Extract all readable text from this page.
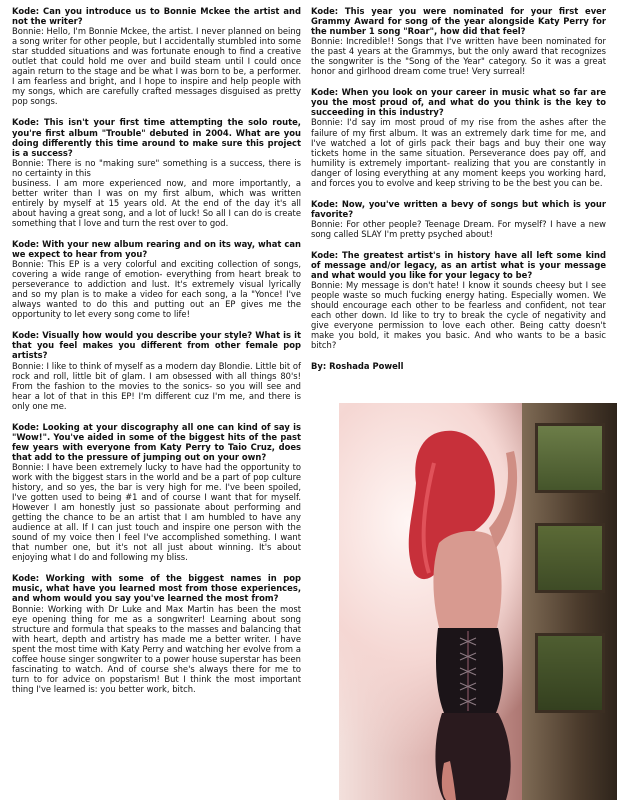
Kode: Can you introduce us to Bonnie Mckee the artist and not the writer?
Bonnie: Hello, I'm Bonnie Mckee, the artist. I never planned on being a song writer for other people, but I accidentally stumbled into some star studded situations and was fortunate enough to find a creative outlet that could hold me over and build steam until I could once again return to the stage and be what I was born to be, a performer. I am fearless and bright, and I hope to inspire and help people with my songs, which are carefully crafted messages disguised as pretty pop songs.
Kode: This isn't your first time attempting the solo route, you're first album "Trouble" debuted in 2004. What are you doing differently this time around to make sure this project is a success?
Bonnie: There is no "making sure" something is a success, there is no certainty in this
business. I am more experienced now, and more importantly, a better writer than I was on my first album, which was written entirely by myself at 15 years old. At the end of the day it's all about having a great song, and a lot of luck! So all I can do is create something that I love and turn the rest over to god.
Kode: With your new album rearing and on its way, what can we expect to hear from you?
Bonnie: This EP is a very colorful and exciting collection of songs, covering a wide range of emotion- everything from heart break to perseverance to addiction and lust. It's extremely visual lyrically and so my plan is to make a video for each song, a la "Yonce! I've always wanted to do this and putting out an EP gives me the opportunity to let every song come to life!
Kode: Visually how would you describe your style? What is it that you feel makes you different from other female pop artists?
Bonnie: I like to think of myself as a modern day Blondie. Little bit of rock and roll, little bit of glam. I am obsessed with all things 80's! From the fashion to the movies to the sonics- so you will see and hear a lot of that in this EP! I'm different cuz I'm me, and there is only one me.
Kode: Looking at your discography all one can kind of say is "Wow!". You've aided in some of the biggest hits of the past few years with everyone from Katy Perry to Taio Cruz, does that add to the pressure of jumping out on your own?
Bonnie: I have been extremely lucky to have had the opportunity to work with the biggest stars in the world and be a part of pop culture history, and so yes, the bar is very high for me. I've been spoiled, I've gotten used to being #1 and of course I want that for myself. However I am honestly just so passionate about performing and getting the chance to be an artist that I am humbled to have any audience at all. If I can just touch and inspire one person with the sound of my voice then I feel I've accomplished something. I want that number one, but it's not all just about winning. It's about enjoying what I do and following my bliss.
Kode: Working with some of the biggest names in pop music, what have you learned most from those experiences, and whom would you say you've learned the most from?
Bonnie: Working with Dr Luke and Max Martin has been the most eye opening thing for me as a songwriter! Learning about song structure and formula that speaks to the masses and balancing that with heart, depth and artistry has made me a better writer. I have spent the most time with Katy Perry and watching her evolve from a coffee house singer songwriter to a power house superstar has been fascinating to watch. And of course she's always there for me to turn to for advice on popstarism! But I think the most important thing I've learned is: you better work, bitch.
Kode: This year you were nominated for your first ever Grammy Award for song of the year alongside Katy Perry for the number 1 song "Roar", how did that feel?
Bonnie: Incredible!! Songs that I've written have been nominated for the past 4 years at the Grammys, but the only award that recognizes the songwriter is the "Song of the Year" category. So it was a great honor and girlhood dream come true! Very surreal!
Kode: When you look on your career in music what so far are you the most proud of, and what do you think is the key to succeeding in this industry?
Bonnie: I'd say im most proud of my rise from the ashes after the failure of my first album. It was an extremely dark time for me, and I've watched a lot of girls pack their bags and buy their one way tickets home in the same situation. Perseverance does pay off, and humility is extremely important- realizing that you are constantly in danger of losing everything at any moment keeps you working hard, and forces you to evolve and keep striving to be the best you can be.
Kode: Now, you've written a bevy of songs but which is your favorite?
Bonnie: For other people? Teenage Dream. For myself? I have a new song called SLAY I'm pretty psyched about!
Kode: The greatest artist's in history have all left some kind of message and/or legacy, as an artist what is your message and what would you like for your legacy to be?
Bonnie: My message is don't hate! I know it sounds cheesy but I see people waste so much fucking energy hating. Especially women. We should encourage each other to be fearless and confident, not tear each other down. Id like to try to break the cycle of negativity and give everyone permission to love each other. Being catty doesn't make you bold, it makes you basic. And who wants to be a basic bitch?
By: Roshada Powell
